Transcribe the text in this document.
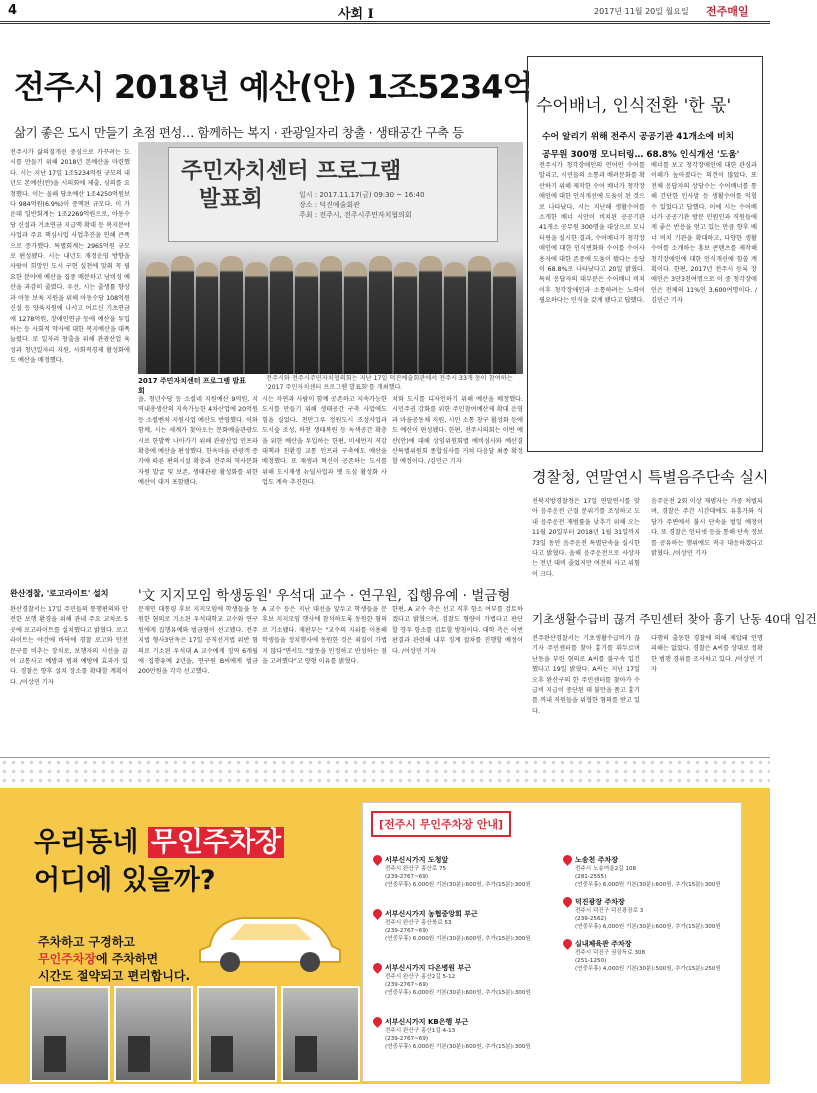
4	사회 Ⅰ	2017년 11월 20일 월요일 전주매일
전주시 2018년 예산(안) 1조5234억
삶기 좋은 도시 만들기 초점 편성… 함께하는 복지 · 관광일자리 창출 · 생태공간 구축 등
전주시가 삶의질개선 중심으로 가꾸려는 도시를 만들기 위해 2018년 본예산을 마련했다. 시는 지난 17일 1조5234억원 규모의 내년도 본예산(안)을 시의회에 제출, 심의를 요청했다. 이는 올해 당초예산 1조4250억원보다 984억원(6.9%)이 증액된 규모다. 이 가운데 일반회계는 1조2269억원으로, 아동수당 신설과 기초연금 지급액 확대 등 복지분야 사업과 주요 핵심사업 사업추진을 인해 큰폭으로 증가했다. 특별회계는 2965억원 규모로 편성됐다. 시는 내년도 재정운영 방향을 사람이 희망인 도시 구현 실천에 맞춰 꼭 필요한 분야에 예산을 집중 배분하고 낭비성 예산을 과감히 줄였다. 우선, 시는 출생률 향상과 아동 보육 지원을 위해 아동수당 108억원 신설 등 양육지원에 나서고 어르신 기초연금에 1278억원, 장애인연금 등에 예산을 투입하는 등 사회적 약자에 대한 복지예산을 대폭 늘렸다. 또 일자리 창출을 위해 관광산업 육성과 청년일자리 지원, 사회적경제 활성화에도 예산을 배정했다.
주민자치센터 프로그램
발표회	일시 : 2017.11.17(금) 09:30 ~ 16:40
장소 : 덕진예술회관
주최 : 전주시, 전주시주민자치협의회
2017 주민자치센터 프로그램 발표회
전주시와 전주시주민자치협의회는 지난 17일 덕진예술회관에서 전주시 33개 동이 참여하는 '2017 주민자치센터 프로그램 발표회'를 개최했다.
을, 청년수당 등 소셜네 지원예산 9억원, 지역내총생산의 지속가능한 4차산업에 20억원 등 소셜벤처 지원사업 예산도 반영했다. 이와 함께, 시는 세계가 찾아오는 문화예술관광도시로 한발짝 나아가기 위해 관광산업 인프라 확충에 예산을 편성했다. 한옥마을 관광객 증가에 따른 편의시설 확충과 전주의 역사문화 자원 발굴 및 보존, 생태관광 활성화를 위한 예산이 대거 포함됐다.
시는 자연과 사람이 함께 공존하고 지속가능한 도시를 만들기 위해 생태공간 구축 사업에도 힘을 실었다. 천만그루 정원도시 조성사업과 도시숲 조성, 하천 생태복원 등 녹색공간 확충을 위한 예산을 투입하는 한편, 미세먼지 저감 대책과 친환경 교통 인프라 구축에도 예산을 배정했다. 또 재생과 혁신이 공존하는 도시를 위해 도시재생 뉴딜사업과 옛 도심 활성화 사업도 계속 추진한다.
치와 도시를 디자인하기 위해 예산을 배정했다. 시민주권 강화를 위한 주민참여예산제 확대 운영과 마을공동체 지원, 시민 소통 창구 활성화 등에도 예산이 편성됐다. 한편, 전주시의회는 이번 예산(안)에 대해 상임위원회별 예비심사와 예산결산특별위원회 종합심사를 거쳐 다음달 최종 확정할 예정이다. /김민근 기자
수어배너, 인식전환 '한 몫'
수어 알리기 위해 전주시 공공기관 41개소에 비치
공무원 300명 모니터링… 68.8% 인식개선 '도움'
전주시가 청각장애인의 언어인 수어를 알리고, 시민들의 소통과 배려문화를 확산하기 위해 제작한 수어 배너가 청각장애인에 대한 인식개선에 도움이 된 것으로 나타났다. 시는 지난해 생활수어를 소개한 배너 시안이 비치된 공공기관 41개소 공무원 300명을 대상으로 모니터링을 실시한 결과, 수어배너가 청각장애인에 대한 인식변화와 수어를 수어사용자에 대한 존중에 도움이 됐다는 응답이 68.8%로 나타났다고 20일 밝혔다. 특히 응답자의 대부분은 수어배너 비치 이후 청각장애인과 소통하려는 노력이 필요하다는 인식을 갖게 됐다고 답했다.
배너를 보고 청각장애인에 대한 관심과 이해가 높아졌다는 의견이 많았다. 또 전체 응답자의 상당수는 수어배너를 통해 간단한 인사말 등 생활수어를 익힐 수 있었다고 답했다. 이에 시는 수어배너가 공공기관 방문 민원인과 직원들에게 좋은 반응을 얻고 있는 만큼 향후 배너 비치 기관을 확대하고, 다양한 생활수어를 소개하는 홍보 콘텐츠를 제작해 청각장애인에 대한 인식개선에 힘쓸 계획이다. 한편, 2017년 전주시 등록 장애인은 3만3천여명으로 이 중 청각장애인은 전체의 11%인 3,600여명이다. /김민근 기자
경찰청, 연말연시 특별음주단속 실시
전북지방경찰청은 17일 연말연시를 맞아 음주운전 근절 분위기를 조성하고 도내 음주운전 재범률을 낮추기 위해 오는 11월 20일부터 2018년 1월 31일까지 73일 동안 음주운전 특별단속을 실시한다고 밝혔다. 올해 음주운전으로 사상자는 전년 대비 줄었지만 여전히 사고 위험이 크다.
음주운전 2회 이상 재범자는 가중 처벌되며, 경찰은 주간 시간대에도 유흥가와 식당가 주변에서 불시 단속을 벌일 예정이다. 또 경찰은 인터넷 등을 통해 단속 정보를 공유하는 행위에도 적극 대응하겠다고 밝혔다. /이상민 기자
완산경찰, '로고라이트' 설치
완산경찰서는 17일 주민들의 통행편의와 안전한 보행 환경을 위해 관내 주요 교차로 5곳에 로고라이트를 설치했다고 밝혔다. 로고라이트는 야간에 바닥에 경찰 로고와 안전 문구를 비추는 장치로, 보행자의 시선을 끌어 교통사고 예방과 범죄 예방에 효과가 있다. 경찰은 향후 설치 장소를 확대할 계획이다. /이상민 기자
'文 지지모임 학생동원' 우석대 교수 · 연구원, 집행유예 · 벌금형
문재인 대통령 후보 지지모임에 학생들을 동원한 혐의로 기소된 우석대학교 교수와 연구원에게 집행유예와 벌금형이 선고됐다. 전주지법 형사3단독은 17일 공직선거법 위반 혐의로 기소된 우석대 A 교수에게 징역 6개월에 집행유예 2년을, 연구원 B씨에게 벌금 200만원을 각각 선고했다.
A 교수 등은 지난 대선을 앞두고 학생들을 문 후보 지지모임 행사에 참석하도록 동원한 혐의로 기소됐다. 재판부는 "교수의 지위를 이용해 학생들을 정치행사에 동원한 것은 죄질이 가볍지 않다"면서도 "잘못을 인정하고 반성하는 점을 고려했다"고 양형 이유를 밝혔다.
한편, A 교수 측은 선고 직후 항소 여부를 검토하겠다고 밝혔으며, 검찰도 형량이 가볍다고 판단할 경우 항소를 검토할 방침이다. 대학 측은 이번 판결과 관련해 내부 징계 절차를 진행할 예정이다. /이상민 기자
기초생활수급비 끊겨 주민센터 찾아 흉기 난동 40대 입건
전주완산경찰서는 기초생활수급비가 끊기자 주민센터를 찾아 흉기를 휘두르며 난동을 부린 혐의로 A씨를 불구속 입건했다고 19일 밝혔다. A씨는 지난 17일 오후 완산구의 한 주민센터를 찾아가 수급비 지급이 중단된 데 불만을 품고 흉기를 꺼내 직원들을 위협한 혐의를 받고 있다.
다행히 출동한 경찰에 의해 제압돼 인명 피해는 없었다. 경찰은 A씨를 상대로 정확한 범행 경위를 조사하고 있다. /이상민 기자
우리동네 무인주차장
어디에 있을까?
주차하고 구경하고
무인주차장에 주차하면
시간도 절약되고 편리합니다.
[전주시 무인주차장 안내]
서부신시가지 도청앞
전주시 완산구 홍산로 75
(239-2767~69)
(연중무휴) 6,000원 기본(30분):600원, 추가(15분):300원
서부신시가지 농협중앙회 부근
전주시 완산구 홍산북로 53
(239-2767~69)
(연중무휴) 6,000원 기본(30분):600원, 추가(15분):300원
서부신시가지 다온병원 부근
전주시 완산구 홍산2길 5-12
(239-2767~69)
(연중무휴) 6,000원 기본(30분):600원, 추가(15분):300원
서부신시가지 KB은행 부근
전주시 완산구 홍산1길 4-13
(239-2767~69)
(연중무휴) 6,000원 기본(30분):600원, 추가(15분):300원
노송천 주차장
전주시 노송여울2길 108
(281-2555)
(연중무휴) 6,000원 기본(30분):600원, 추가(15분):300원
덕진광장 주차장
전주시 덕진구 덕진광장로 3
(239-2562)
(연중무휴) 6,000원 기본(30분):600원, 추가(15분):300원
실내체육관 주차장
전주시 덕진구 권삼득로 308
(251-1250)
(연중무휴) 4,000원 기본(30분):500원, 추가(15분):250원
